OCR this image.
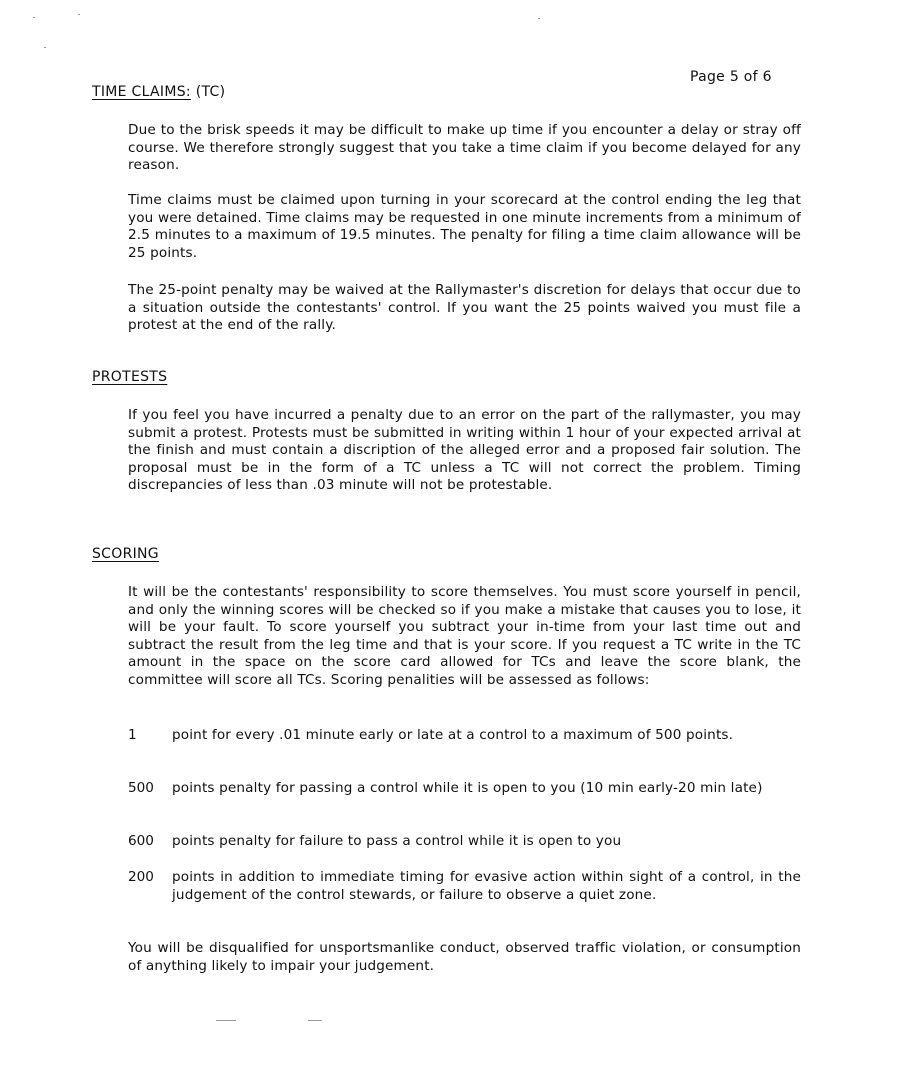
Page 5 of 6
TIME CLAIMS: (TC)

Due to the brisk speeds it may be difficult to make up time if you encounter a delay or stray off course. We therefore strongly suggest that you take a time claim if you become delayed for any reason.

Time claims must be claimed upon turning in your scorecard at the control ending the leg that you were detained. Time claims may be requested in one minute increments from a minimum of 2.5 minutes to a maximum of 19.5 minutes. The penalty for filing a time claim allowance will be 25 points.

The 25-point penalty may be waived at the Rallymaster's discretion for delays that occur due to a situation outside the contestants' control. If you want the 25 points waived you must file a protest at the end of the rally.

PROTESTS

If you feel you have incurred a penalty due to an error on the part of the rallymaster, you may submit a protest. Protests must be submitted in writing within 1 hour of your expected arrival at the finish and must contain a discription of the alleged error and a proposed fair solution. The proposal must be in the form of a TC unless a TC will not correct the problem. Timing discrepancies of less than .03 minute will not be protestable.

SCORING

It will be the contestants' responsibility to score themselves. You must score yourself in pencil, and only the winning scores will be checked so if you make a mistake that causes you to lose, it will be your fault. To score yourself you subtract your in-time from your last time out and subtract the result from the leg time and that is your score. If you request a TC write in the TC amount in the space on the score card allowed for TCs and leave the score blank, the committee will score all TCs. Scoring penalities will be assessed as follows:

1	point for every .01 minute early or late at a control to a maximum of 500 points.

500	points penalty for passing a control while it is open to you (10 min early-20 min late)

600	points penalty for failure to pass a control while it is open to you

200	points in addition to immediate timing for evasive action within sight of a control, in the judgement of the control stewards, or failure to observe a quiet zone.

You will be disqualified for unsportsmanlike conduct, observed traffic violation, or consumption of anything likely to impair your judgement.
